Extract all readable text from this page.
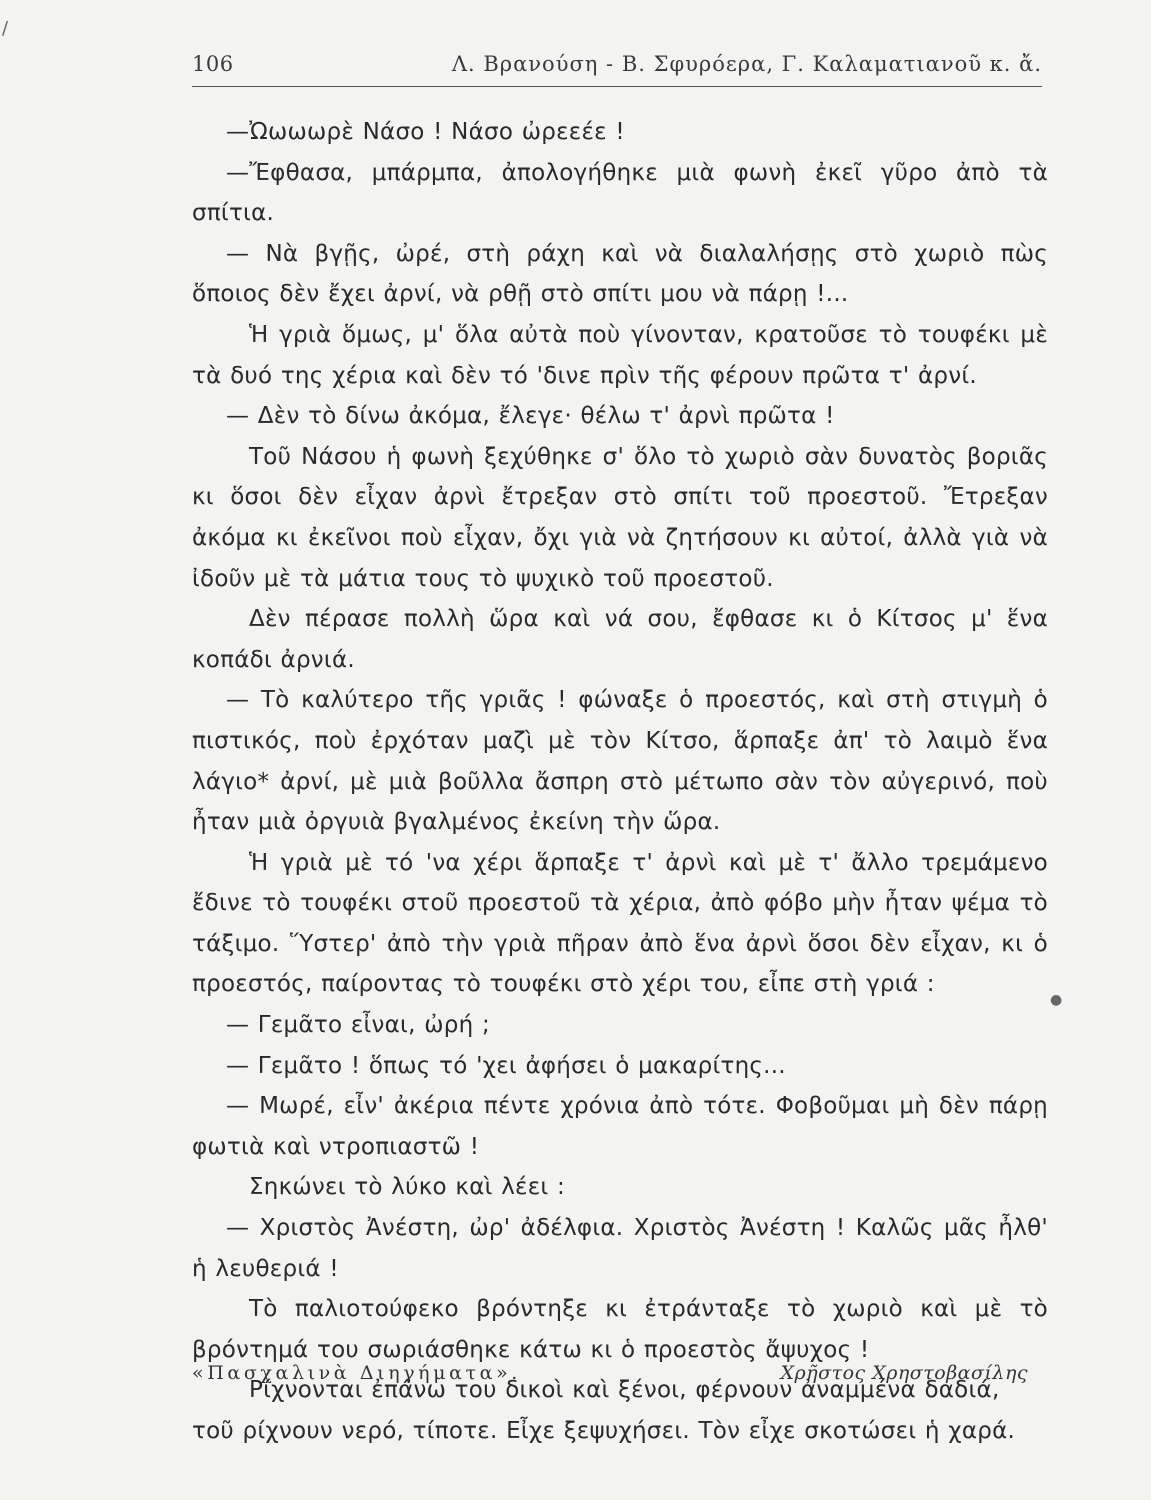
/
106	Λ. Βρανούση - Β. Σφυρόερα, Γ. Καλαματιανοῦ κ. ἄ.

—Ὠωωωρὲ Νάσο ! Νάσο ὠρεεέε !

—Ἔφθασα, μπάρμπα, ἀπολογήθηκε μιὰ φωνὴ ἐκεῖ γῦρο ἀπὸ τὰ σπίτια.

— Νὰ βγῇς, ὠρέ, στὴ ράχη καὶ νὰ διαλαλήσῃς στὸ χωριὸ πὼς ὅποιος δὲν ἔχει ἀρνί, νὰ ρθῇ στὸ σπίτι μου νὰ πάρῃ !...

Ἡ γριὰ ὅμως, μ' ὅλα αὐτὰ ποὺ γίνονταν, κρατοῦσε τὸ τουφέκι μὲ τὰ δυό της χέρια καὶ δὲν τό 'δινε πρὶν τῆς φέρουν πρῶτα τ' ἀρνί.

— Δὲν τὸ δίνω ἀκόμα, ἔλεγε· θέλω τ' ἀρνὶ πρῶτα !

Τοῦ Νάσου ἡ φωνὴ ξεχύθηκε σ' ὅλο τὸ χωριὸ σὰν δυνατὸς βοριᾶς κι ὅσοι δὲν εἶχαν ἀρνὶ ἔτρεξαν στὸ σπίτι τοῦ προεστοῦ. Ἔτρεξαν ἀκόμα κι ἐκεῖνοι ποὺ εἶχαν, ὄχι γιὰ νὰ ζητήσουν κι αὐτοί, ἀλλὰ γιὰ νὰ ἰδοῦν μὲ τὰ μάτια τους τὸ ψυχικὸ τοῦ προεστοῦ.

Δὲν πέρασε πολλὴ ὥρα καὶ νά σου, ἔφθασε κι ὁ Κίτσος μ' ἕνα κοπάδι ἀρνιά.

— Τὸ καλύτερο τῆς γριᾶς ! φώναξε ὁ προεστός, καὶ στὴ στιγμὴ ὁ πιστικός, ποὺ ἐρχόταν μαζὶ μὲ τὸν Κίτσο, ἅρπαξε ἀπ' τὸ λαιμὸ ἕνα λάγιο* ἀρνί, μὲ μιὰ βοῦλλα ἄσπρη στὸ μέτωπο σὰν τὸν αὐγερινό, ποὺ ἦταν μιὰ ὀργυιὰ βγαλμένος ἐκείνη τὴν ὥρα.

Ἡ γριὰ μὲ τό 'να χέρι ἅρπαξε τ' ἀρνὶ καὶ μὲ τ' ἄλλο τρεμάμενο ἔδινε τὸ τουφέκι στοῦ προεστοῦ τὰ χέρια, ἀπὸ φόβο μὴν ἦταν ψέμα τὸ τάξιμο. Ὕστερ' ἀπὸ τὴν γριὰ πῆραν ἀπὸ ἕνα ἀρνὶ ὅσοι δὲν εἶχαν, κι ὁ προεστός, παίροντας τὸ τουφέκι στὸ χέρι του, εἶπε στὴ γριά :

— Γεμᾶτο εἶναι, ὠρή ;

— Γεμᾶτο ! ὅπως τό 'χει ἀφήσει ὁ μακαρίτης...

— Μωρέ, εἶν' ἀκέρια πέντε χρόνια ἀπὸ τότε. Φοβοῦμαι μὴ δὲν πάρῃ φωτιὰ καὶ ντροπιαστῶ !

Σηκώνει τὸ λύκο καὶ λέει :

— Χριστὸς Ἀνέστη, ὠρ' ἀδέλφια. Χριστὸς Ἀνέστη ! Καλῶς μᾶς ἦλθ' ἡ λευθεριά !

Τὸ παλιοτούφεκο βρόντηξε κι ἐτράνταξε τὸ χωριὸ καὶ μὲ τὸ βρόντημά του σωριάσθηκε κάτω κι ὁ προεστὸς ἄψυχος !

Ρίχνονται ἐπάνω του δικοὶ καὶ ξένοι, φέρνουν ἀναμμένα δαδιά, τοῦ ρίχνουν νερό, τίποτε. Εἶχε ξεψυχήσει. Τὸν εἶχε σκοτώσει ἡ χαρά.

«Πασχαλινὰ Διηγήματα».	Χρῆστος Χρηστοβασίλης
●
